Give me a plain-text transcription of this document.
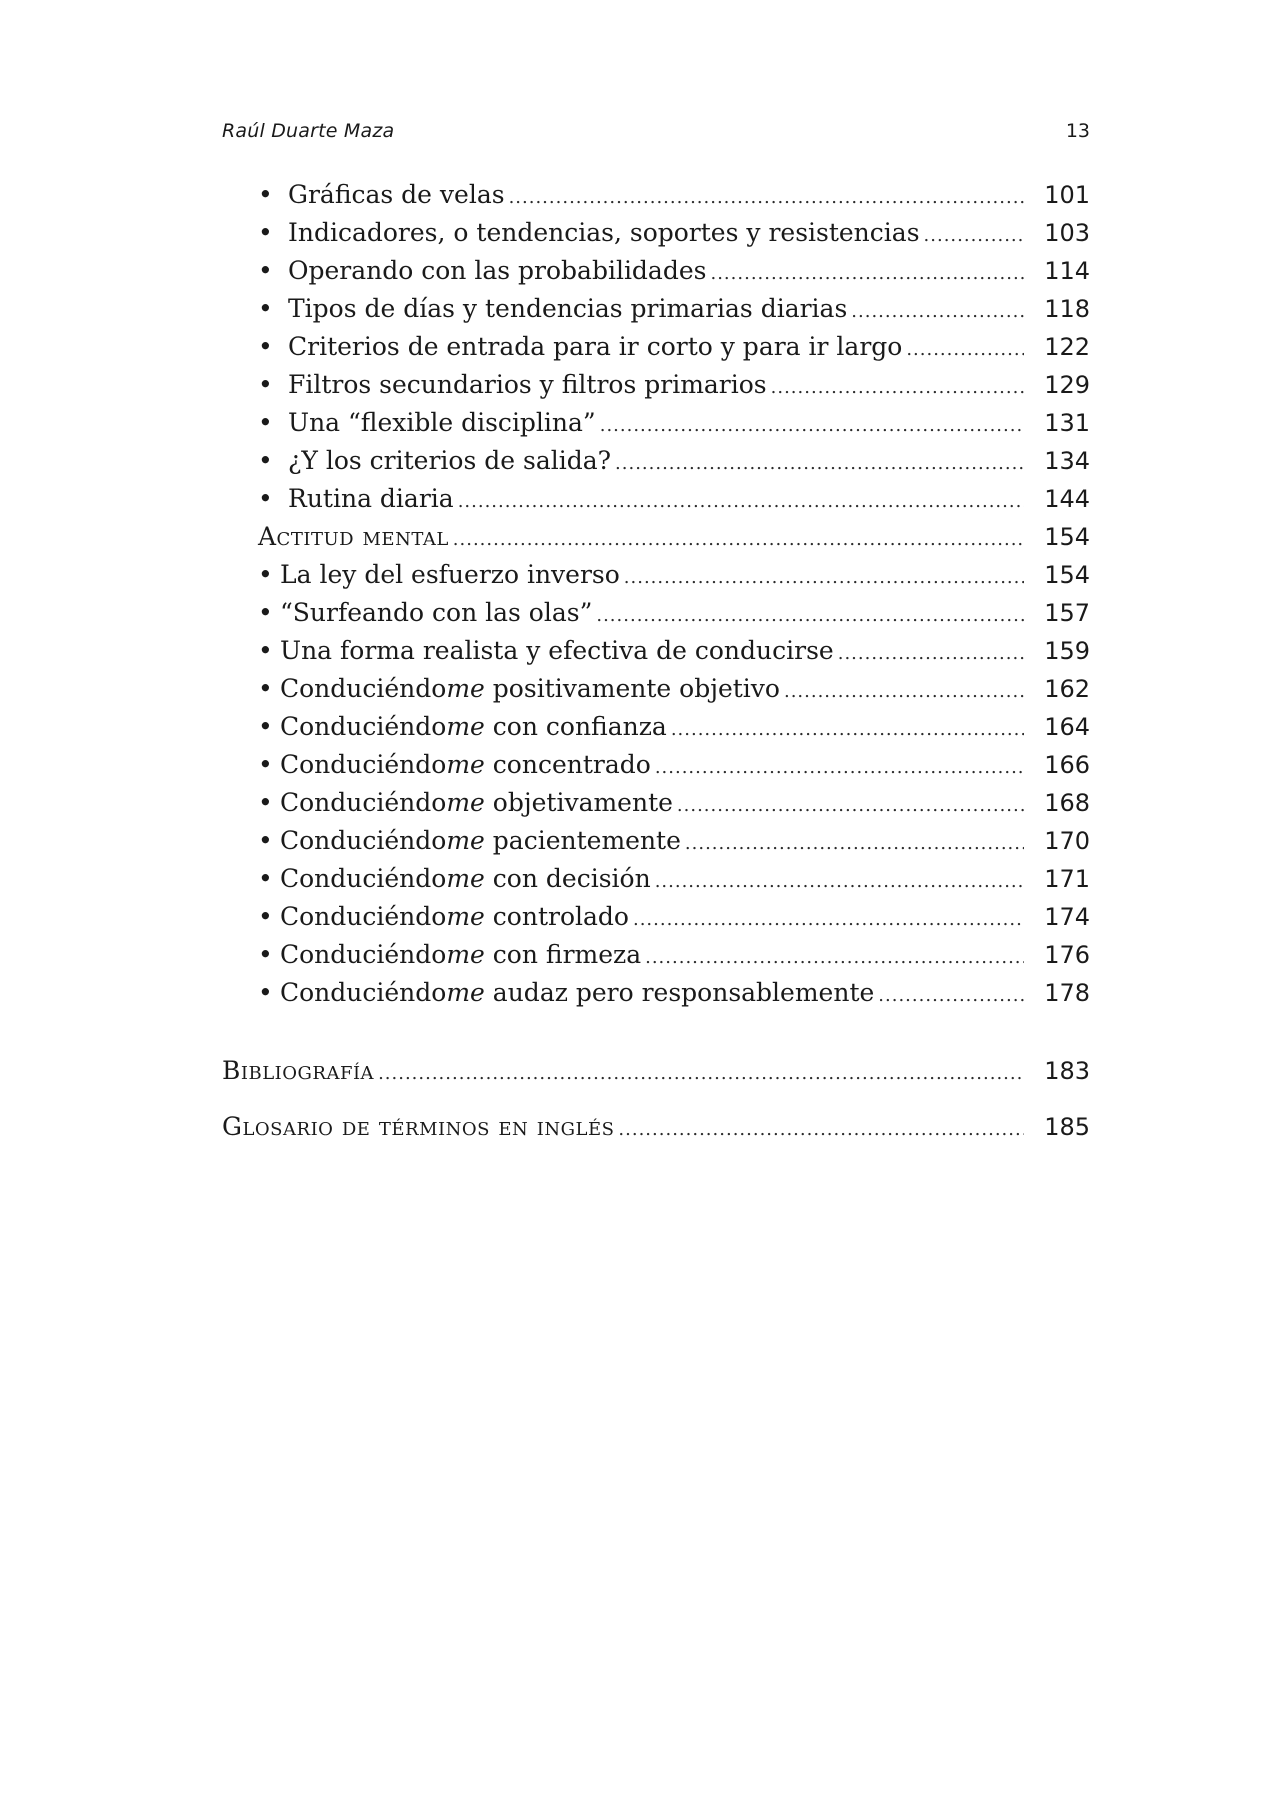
Raúl Duarte Maza	13
• Gráficas de velas .....	101
• Indicadores, o tendencias, soportes y resistencias .....	103
• Operando con las probabilidades .....	114
• Tipos de días y tendencias primarias diarias .....	118
• Criterios de entrada para ir corto y para ir largo .....	122
• Filtros secundarios y filtros primarios .....	129
• Una “flexible disciplina” .....	131
• ¿Y los criterios de salida? .....	134
• Rutina diaria .....	144
Actitud mental .....	154
• La ley del esfuerzo inverso .....	154
• “Surfeando con las olas” .....	157
• Una forma realista y efectiva de conducirse .....	159
• Conduciéndome positivamente objetivo .....	162
• Conduciéndome con confianza .....	164
• Conduciéndome concentrado .....	166
• Conduciéndome objetivamente .....	168
• Conduciéndome pacientemente .....	170
• Conduciéndome con decisión .....	171
• Conduciéndome controlado .....	174
• Conduciéndome con firmeza .....	176
• Conduciéndome audaz pero responsablemente .....	178
Bibliografía .....	183
Glosario de términos en inglés .....	185
